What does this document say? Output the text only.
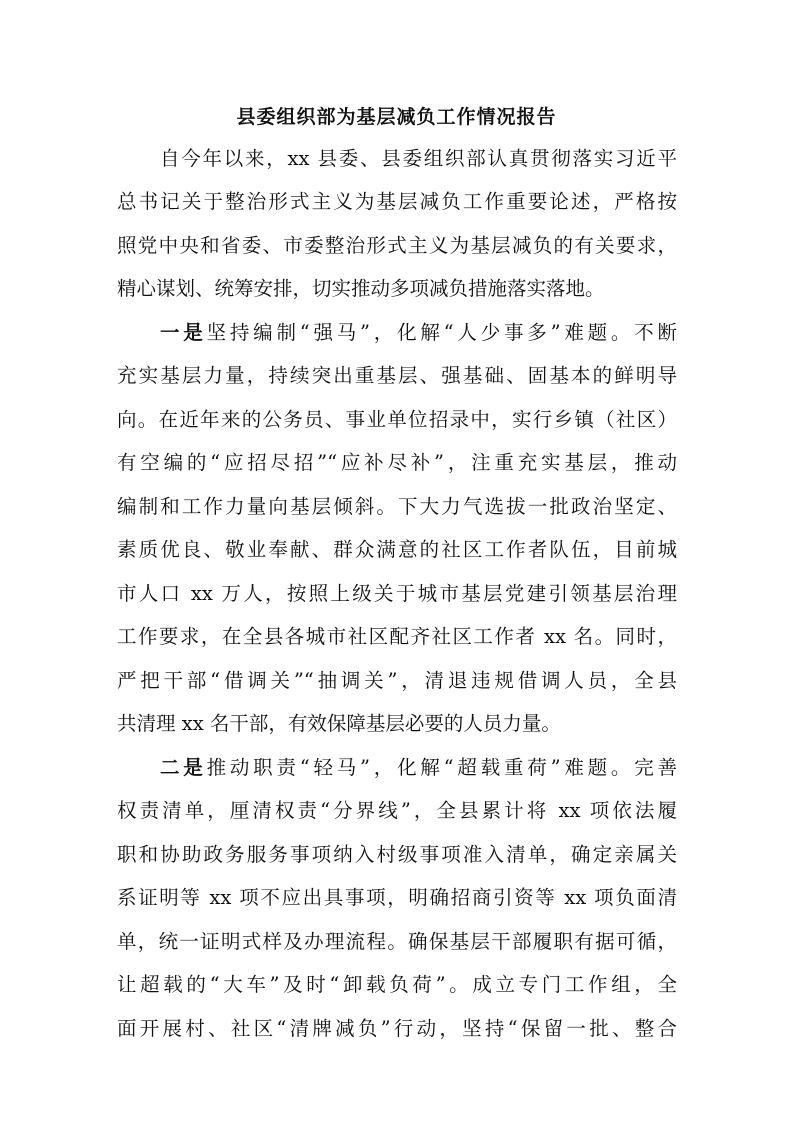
县委组织部为基层减负工作情况报告
自今年以来，xx 县委、县委组织部认真贯彻落实习近平
总书记关于整治形式主义为基层减负工作重要论述，严格按
照党中央和省委、市委整治形式主义为基层减负的有关要求，
精心谋划、统筹安排，切实推动多项减负措施落实落地。
一是坚持编制“强马”，化解“人少事多”难题。不断
充实基层力量，持续突出重基层、强基础、固基本的鲜明导
向。在近年来的公务员、事业单位招录中，实行乡镇（社区）
有空编的“应招尽招”“应补尽补”，注重充实基层，推动
编制和工作力量向基层倾斜。下大力气选拔一批政治坚定、
素质优良、敬业奉献、群众满意的社区工作者队伍，目前城
市人口 xx 万人，按照上级关于城市基层党建引领基层治理
工作要求，在全县各城市社区配齐社区工作者 xx 名。同时，
严把干部“借调关”“抽调关”，清退违规借调人员，全县
共清理 xx 名干部，有效保障基层必要的人员力量。
二是推动职责“轻马”，化解“超载重荷”难题。完善
权责清单，厘清权责“分界线”，全县累计将 xx 项依法履
职和协助政务服务事项纳入村级事项准入清单，确定亲属关
系证明等 xx 项不应出具事项，明确招商引资等 xx 项负面清
单，统一证明式样及办理流程。确保基层干部履职有据可循，
让超载的“大车”及时“卸载负荷”。成立专门工作组，全
面开展村、社区“清牌减负”行动，坚持“保留一批、整合
